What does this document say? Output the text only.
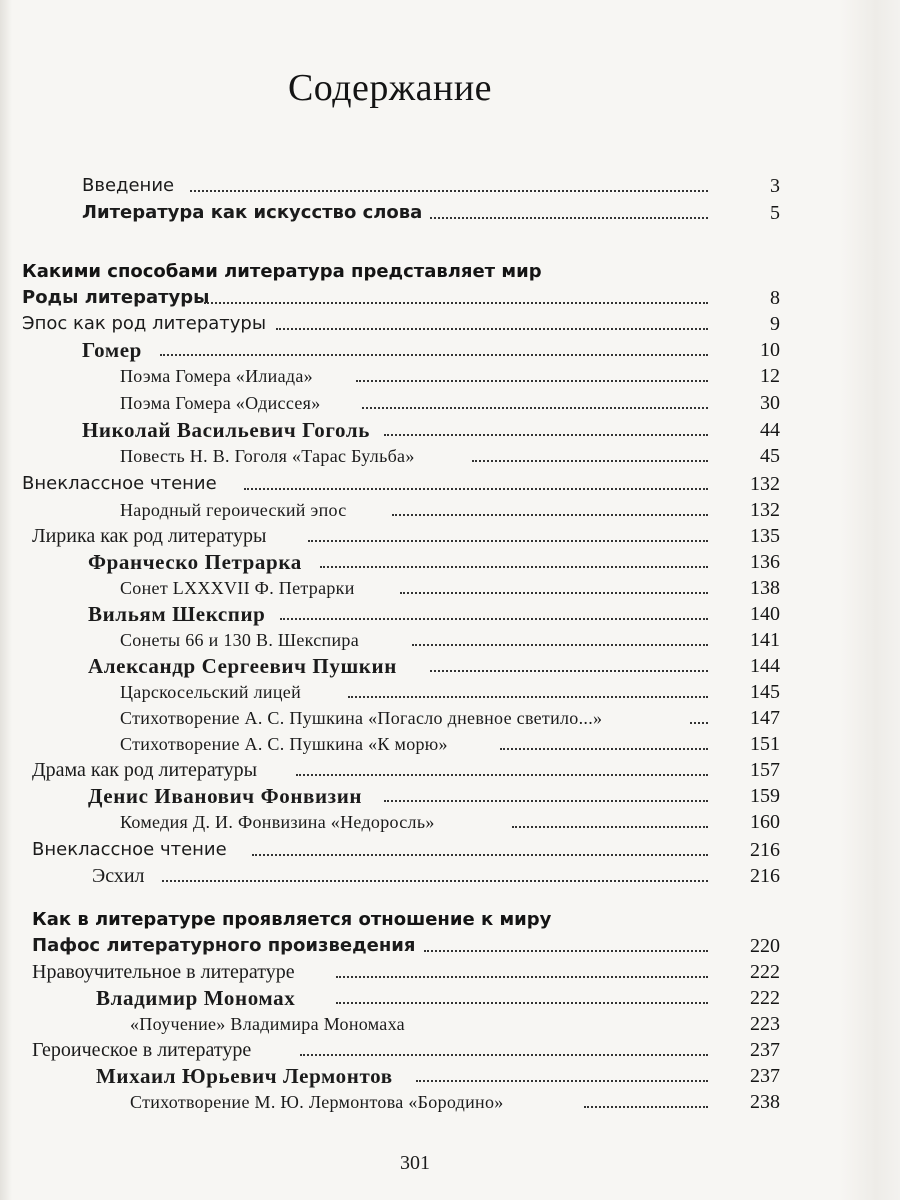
Содержание
Введение	3
Литература как искусство слова	5
Какими способами литература представляет мир
Роды литературы	8
Эпос как род литературы	9
Гомер	10
Поэма Гомера «Илиада»	12
Поэма Гомера «Одиссея»	30
Николай Васильевич Гоголь	44
Повесть Н. В. Гоголя «Тарас Бульба»	45
Внеклассное чтение	132
Народный героический эпос	132
Лирика как род литературы	135
Франческо Петрарка	136
Сонет LXXXVII Ф. Петрарки	138
Вильям Шекспир	140
Сонеты 66 и 130 В. Шекспира	141
Александр Сергеевич Пушкин	144
Царскосельский лицей	145
Стихотворение А. С. Пушкина «Погасло дневное светило...»	147
Стихотворение А. С. Пушкина «К морю»	151
Драма как род литературы	157
Денис Иванович Фонвизин	159
Комедия Д. И. Фонвизина «Недоросль»	160
Внеклассное чтение	216
Эсхил	216
Как в литературе проявляется отношение к миру
Пафос литературного произведения	220
Нравоучительное в литературе	222
Владимир Мономах	222
«Поучение» Владимира Мономаха	223
Героическое в литературе	237
Михаил Юрьевич Лермонтов	237
Стихотворение М. Ю. Лермонтова «Бородино»	238
301
